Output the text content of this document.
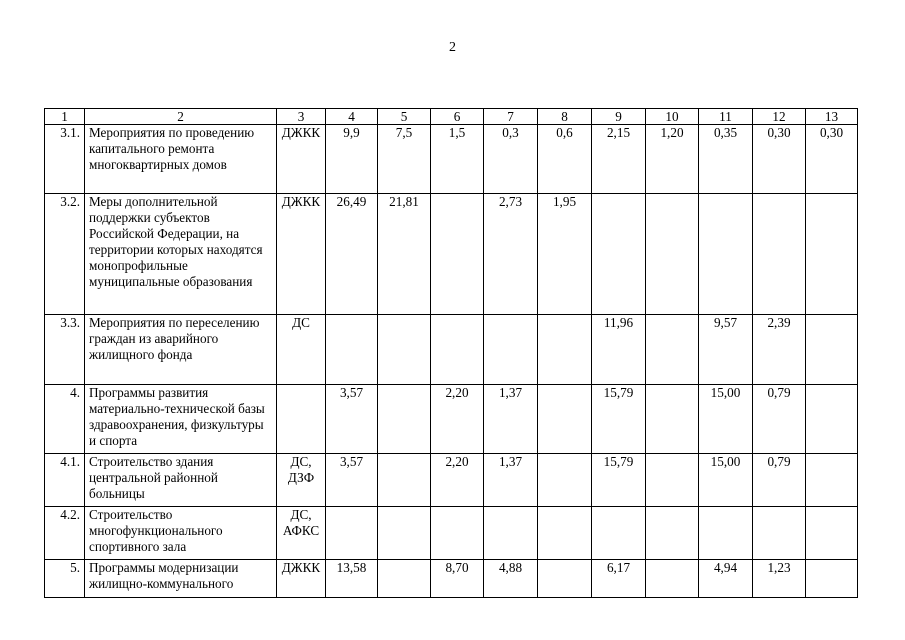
2
1	2	3	4	5	6	7	8	9	10	11	12	13
3.1.	Мероприятия по проведению капитального ремонта многоквартирных домов	ДЖКК	9,9	7,5	1,5	0,3	0,6	2,15	1,20	0,35	0,30	0,30
3.2.	Меры дополнительной поддержки субъектов Российской Федерации, на территории которых находятся монопрофильные муниципальные образования	ДЖКК	26,49	21,81		2,73	1,95					
3.3.	Мероприятия по переселению граждан из аварийного жилищного фонда	ДС						11,96		9,57	2,39	
4.	Программы развития материально-технической базы здравоохранения, физкультуры и спорта		3,57		2,20	1,37		15,79		15,00	0,79	
4.1.	Строительство здания центральной районной больницы	ДС, ДЗФ	3,57		2,20	1,37		15,79		15,00	0,79	
4.2.	Строительство многофункционального спортивного зала	ДС, АФКС										
5.	Программы модернизации жилищно-коммунального	ДЖКК	13,58		8,70	4,88		6,17		4,94	1,23	
